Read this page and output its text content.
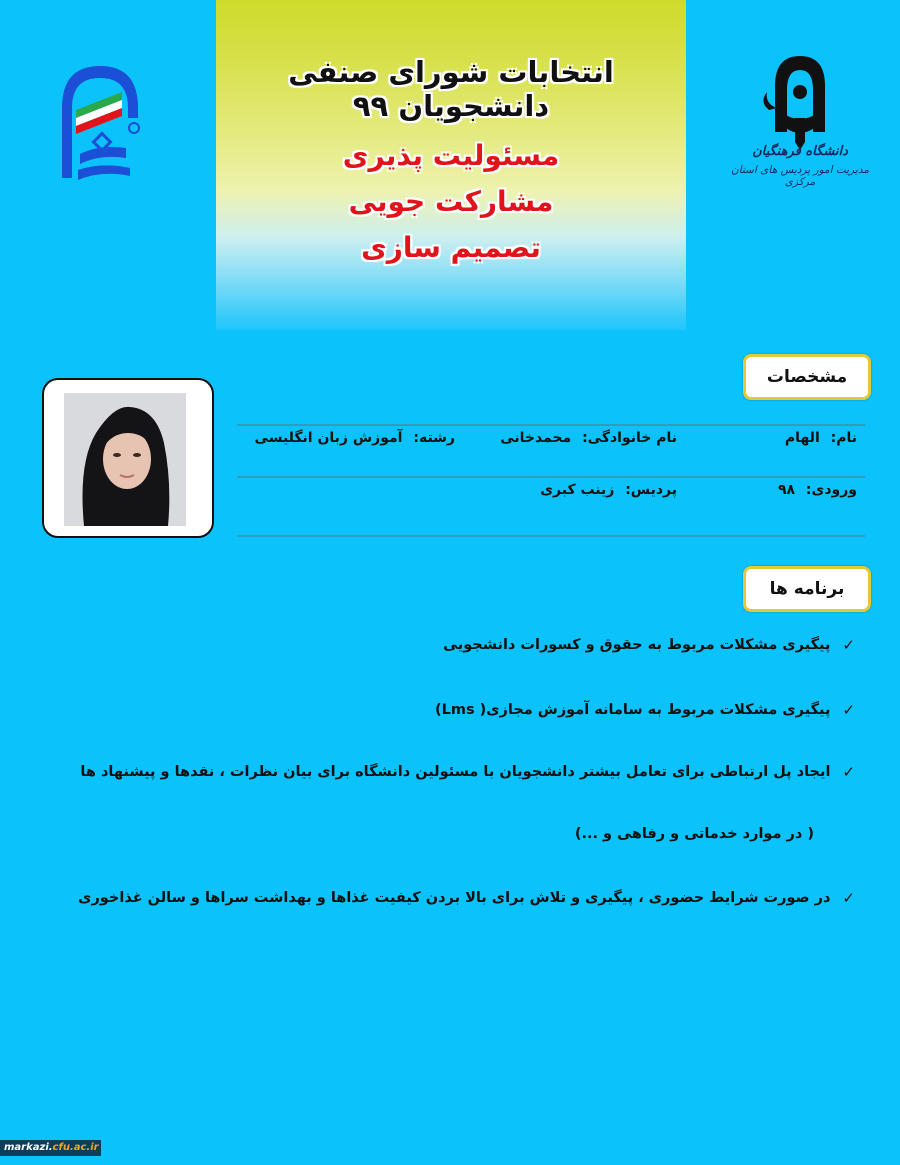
انتخابات شورای صنفی دانشجویان ۹۹
مسئولیت پذیری
مشارکت جویی
تصمیم سازی
دانشگاه فرهنگیان
مدیریت امور پردیس های استان مرکزی
مشخصات
نام: الهام
نام خانوادگی: محمدخانی
رشته: آموزش زبان انگلیسی
ورودی: ۹۸
پردیس: زینب کبری
برنامه ها
✓
پیگیری مشکلات مربوط به حقوق و کسورات دانشجویی
✓
پیگیری مشکلات مربوط به سامانه آموزش مجازی( Lms)
✓
ایجاد پل ارتباطی برای تعامل بیشتر دانشجویان با مسئولین دانشگاه برای بیان نظرات ، نقدها و پیشنهاد ها
( در موارد خدماتی و رفاهی و ...)
✓
در صورت شرایط حضوری ، پیگیری و تلاش برای بالا بردن کیفیت غذاها و بهداشت سراها و سالن غذاخوری
markazi.cfu.ac.ir
